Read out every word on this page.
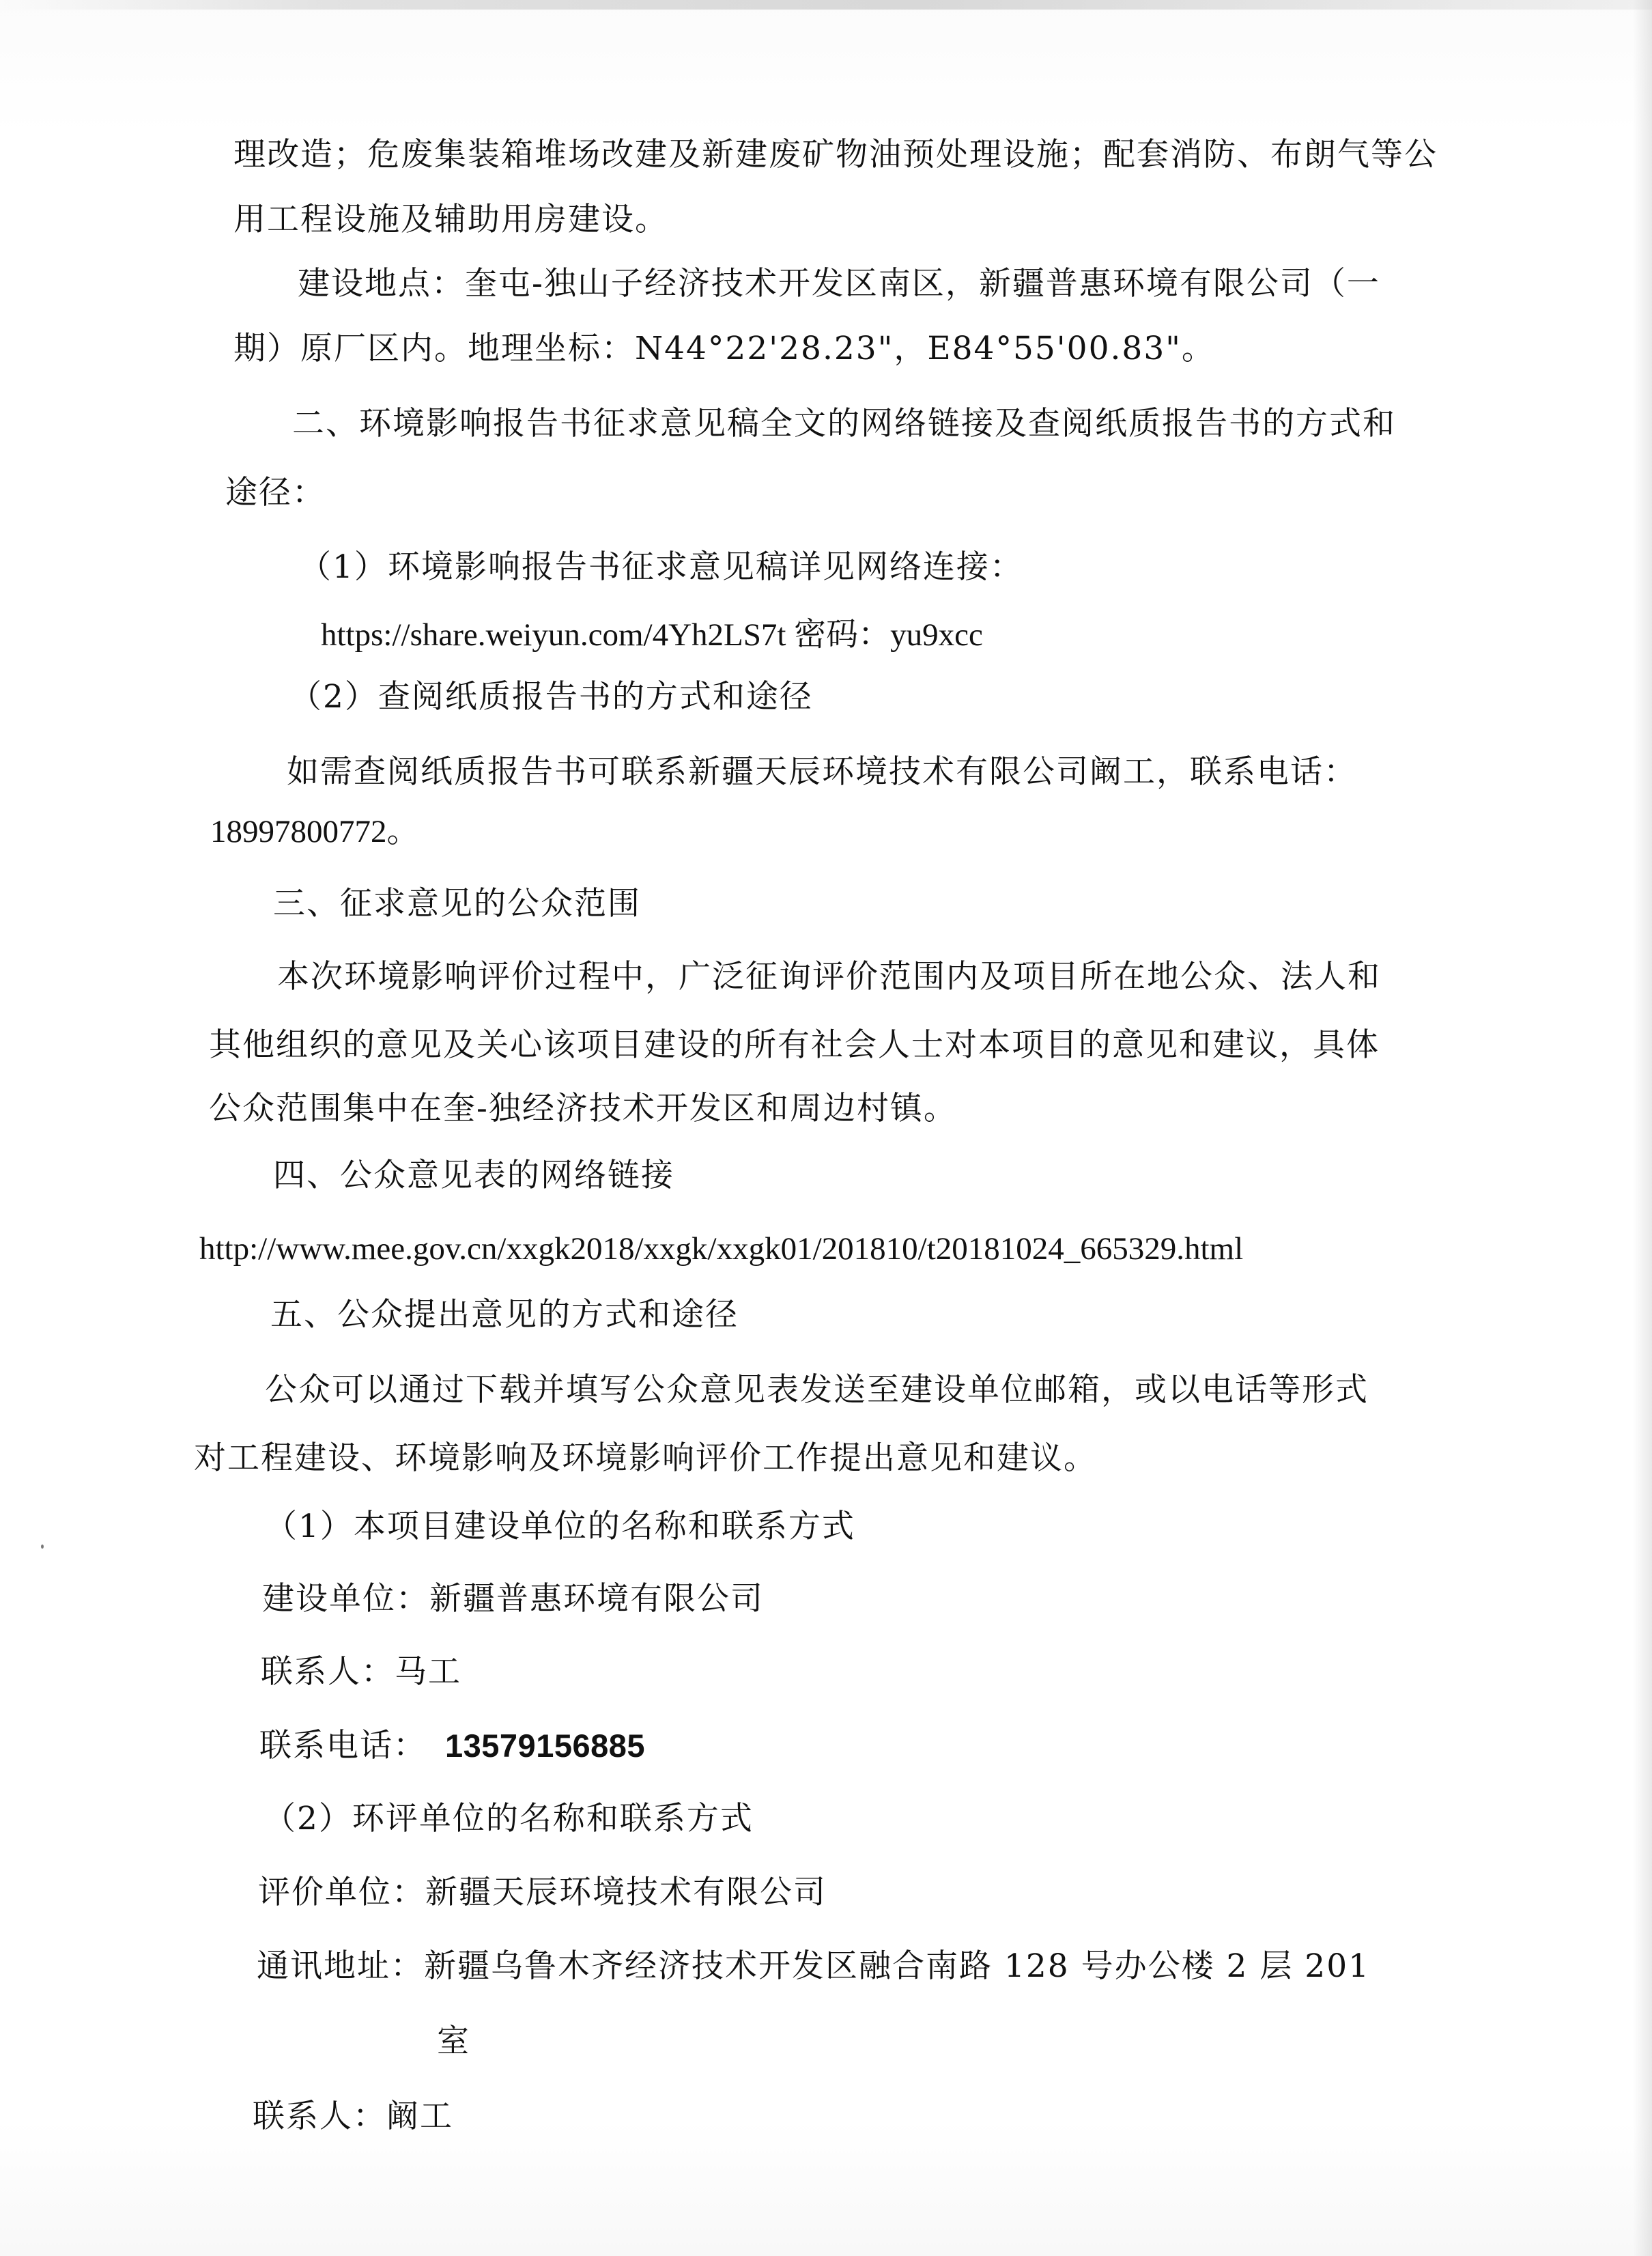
理改造；危废集装箱堆场改建及新建废矿物油预处理设施；配套消防、布朗气等公
用工程设施及辅助用房建设。
建设地点：奎屯-独山子经济技术开发区南区，新疆普惠环境有限公司（一
期）原厂区内。地理坐标：N44°22'28.23"，E84°55'00.83"。
二、环境影响报告书征求意见稿全文的网络链接及查阅纸质报告书的方式和
途径：
（1）环境影响报告书征求意见稿详见网络连接：
https://share.weiyun.com/4Yh2LS7t 密码：yu9xcc
（2）查阅纸质报告书的方式和途径
如需查阅纸质报告书可联系新疆天辰环境技术有限公司阚工，联系电话：
18997800772。
三、征求意见的公众范围
本次环境影响评价过程中，广泛征询评价范围内及项目所在地公众、法人和
其他组织的意见及关心该项目建设的所有社会人士对本项目的意见和建议，具体
公众范围集中在奎-独经济技术开发区和周边村镇。
四、公众意见表的网络链接
http://www.mee.gov.cn/xxgk2018/xxgk/xxgk01/201810/t20181024_665329.html
五、公众提出意见的方式和途径
公众可以通过下载并填写公众意见表发送至建设单位邮箱，或以电话等形式
对工程建设、环境影响及环境影响评价工作提出意见和建议。
（1）本项目建设单位的名称和联系方式
建设单位：新疆普惠环境有限公司
联系人：马工
联系电话： 13579156885
（2）环评单位的名称和联系方式
评价单位：新疆天辰环境技术有限公司
通讯地址：新疆乌鲁木齐经济技术开发区融合南路 128 号办公楼 2 层 201
室
联系人：阚工
